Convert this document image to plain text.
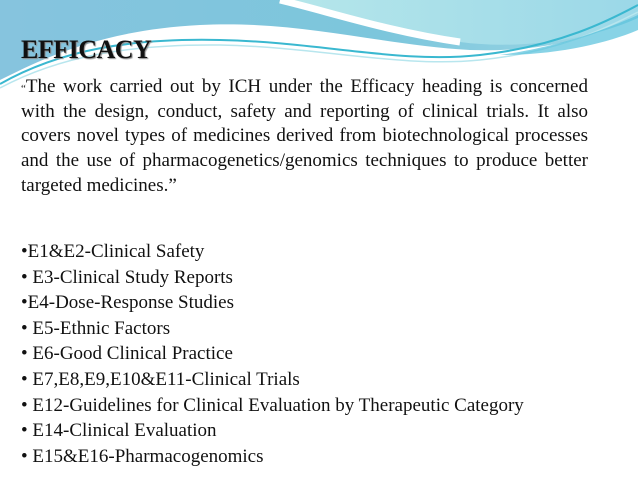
EFFICACY
“The work carried out by ICH under the Efficacy heading is concerned with the design, conduct, safety and reporting of clinical trials. It also covers novel types of medicines derived from biotechnological processes and the use of pharmacogenetics/genomics techniques to produce better targeted medicines.”
•E1&E2-Clinical Safety
• E3-Clinical Study Reports
•E4-Dose-Response Studies
• E5-Ethnic Factors
• E6-Good Clinical Practice
• E7,E8,E9,E10&E11-Clinical Trials
• E12-Guidelines for Clinical Evaluation by Therapeutic Category
• E14-Clinical Evaluation
• E15&E16-Pharmacogenomics
